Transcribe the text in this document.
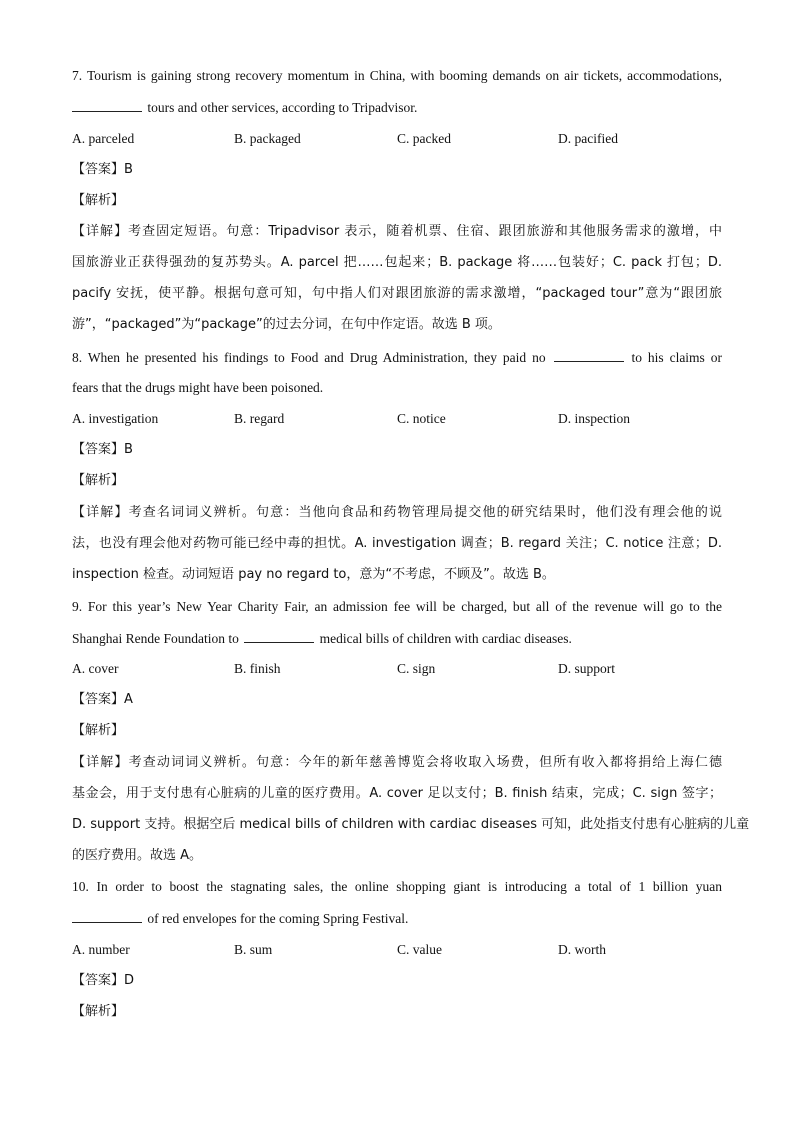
7. Tourism is gaining strong recovery momentum in China, with booming demands on air tickets, accommodations,
tours and other services, according to Tripadvisor.
A. parceled	B. packaged	C. packed	D. pacified
【答案】B
【解析】
【详解】考查固定短语。句意：Tripadvisor 表示，随着机票、住宿、跟团旅游和其他服务需求的激增，中
国旅游业正获得强劲的复苏势头。A. parcel 把……包起来；B. package 将……包装好；C. pack 打包；D.
pacify 安抚，使平静。根据句意可知，句中指人们对跟团旅游的需求激增，“packaged tour”意为“跟团旅
游”，“packaged”为“package”的过去分词，在句中作定语。故选 B 项。
8. When he presented his findings to Food and Drug Administration, they paid no	to his claims or
fears that the drugs might have been poisoned.
A. investigation	B. regard	C. notice	D. inspection
【答案】B
【解析】
【详解】考查名词词义辨析。句意：当他向食品和药物管理局提交他的研究结果时，他们没有理会他的说
法，也没有理会他对药物可能已经中毒的担忧。A. investigation 调查；B. regard 关注；C. notice 注意；D.
inspection 检查。动词短语 pay no regard to，意为“不考虑，不顾及”。故选 B。
9. For this year’s New Year Charity Fair, an admission fee will be charged, but all of the revenue will go to the
Shanghai Rende Foundation to	medical bills of children with cardiac diseases.
A. cover	B. finish	C. sign	D. support
【答案】A
【解析】
【详解】考查动词词义辨析。句意：今年的新年慈善博览会将收取入场费，但所有收入都将捐给上海仁德
基金会，用于支付患有心脏病的儿童的医疗费用。A. cover 足以支付；B. finish 结束，完成；C. sign 签字；
D. support 支持。根据空后 medical bills of children with cardiac diseases 可知，此处指支付患有心脏病的儿童
的医疗费用。故选 A。
10. In order to boost the stagnating sales, the online shopping giant is introducing a total of 1 billion yuan
of red envelopes for the coming Spring Festival.
A. number	B. sum	C. value	D. worth
【答案】D
【解析】
